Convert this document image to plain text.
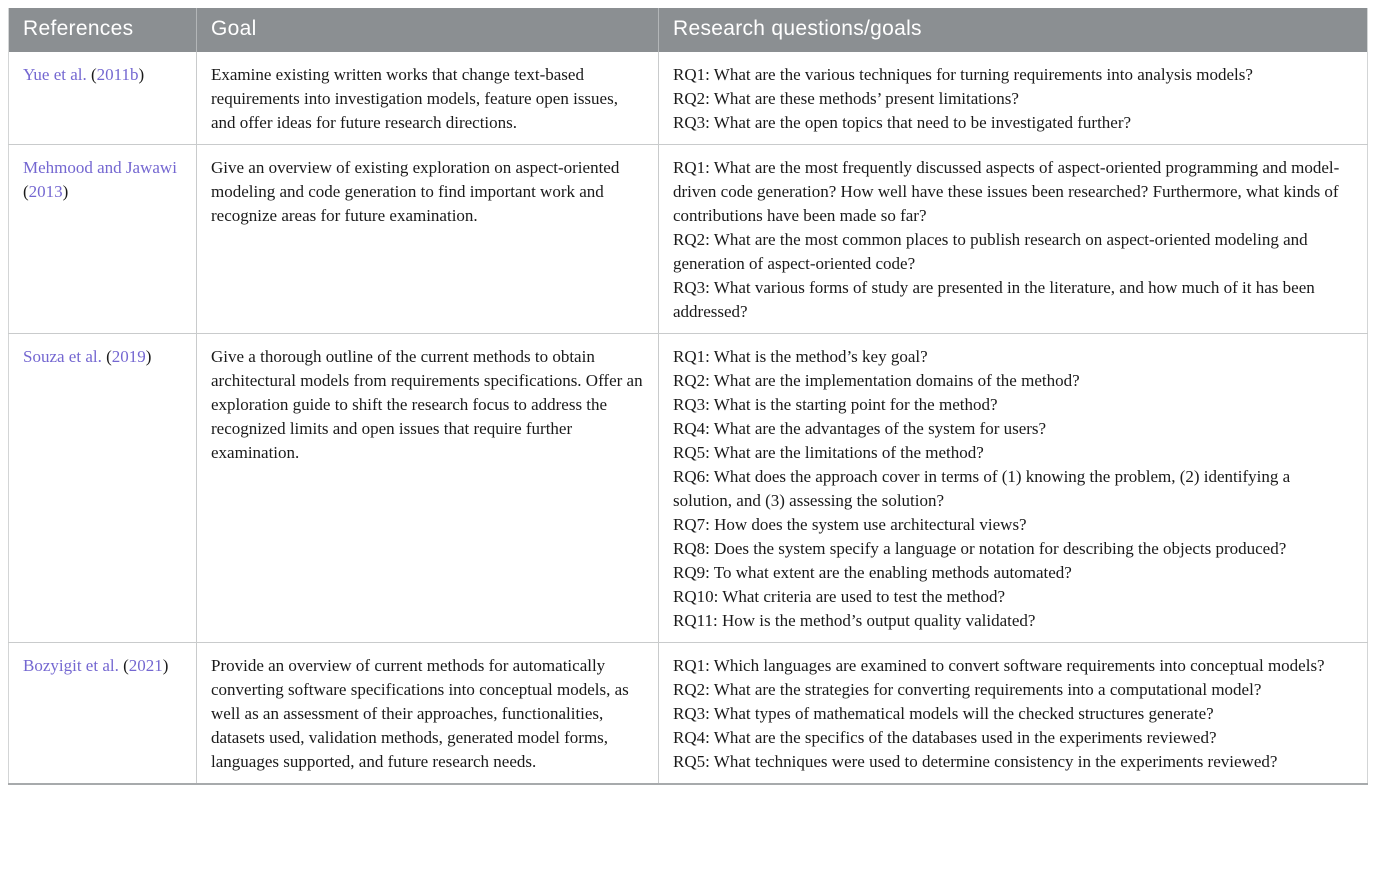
References	Goal	Research questions/goals
Yue et al. (2011b)	Examine existing written works that change text-based requirements into investigation models, feature open issues, and offer ideas for future research directions.	RQ1: What are the various techniques for turning requirements into analysis models?
RQ2: What are these methods’ present limitations?
RQ3: What are the open topics that need to be investigated further?

Mehmood and Jawawi (2013)	Give an overview of existing exploration on aspect-oriented modeling and code generation to find important work and recognize areas for future examination.	RQ1: What are the most frequently discussed aspects of aspect-oriented programming and model-driven code generation? How well have these issues been researched? Furthermore, what kinds of contributions have been made so far?
RQ2: What are the most common places to publish research on aspect-oriented modeling and generation of aspect-oriented code?
RQ3: What various forms of study are presented in the literature, and how much of it has been addressed?

Souza et al. (2019)	Give a thorough outline of the current methods to obtain architectural models from requirements specifications. Offer an exploration guide to shift the research focus to address the recognized limits and open issues that require further examination.

RQ1: What is the method’s key goal?
RQ2: What are the implementation domains of the method?
RQ3: What is the starting point for the method?
RQ4: What are the advantages of the system for users?
RQ5: What are the limitations of the method?
RQ6: What does the approach cover in terms of (1) knowing the problem, (2) identifying a solution, and (3) assessing the solution?
RQ7: How does the system use architectural views?
RQ8: Does the system specify a language or notation for describing the objects produced?
RQ9: To what extent are the enabling methods automated?
RQ10: What criteria are used to test the method?
RQ11: How is the method’s output quality validated?

Bozyigit et al. (2021)	Provide an overview of current methods for automatically converting software specifications into conceptual models, as well as an assessment of their approaches, functionalities, datasets used, validation methods, generated model forms, languages supported, and future research needs.

RQ1: Which languages are examined to convert software requirements into conceptual models?
RQ2: What are the strategies for converting requirements into a computational model?
RQ3: What types of mathematical models will the checked structures generate?
RQ4: What are the specifics of the databases used in the experiments reviewed?
RQ5: What techniques were used to determine consistency in the experiments reviewed?
